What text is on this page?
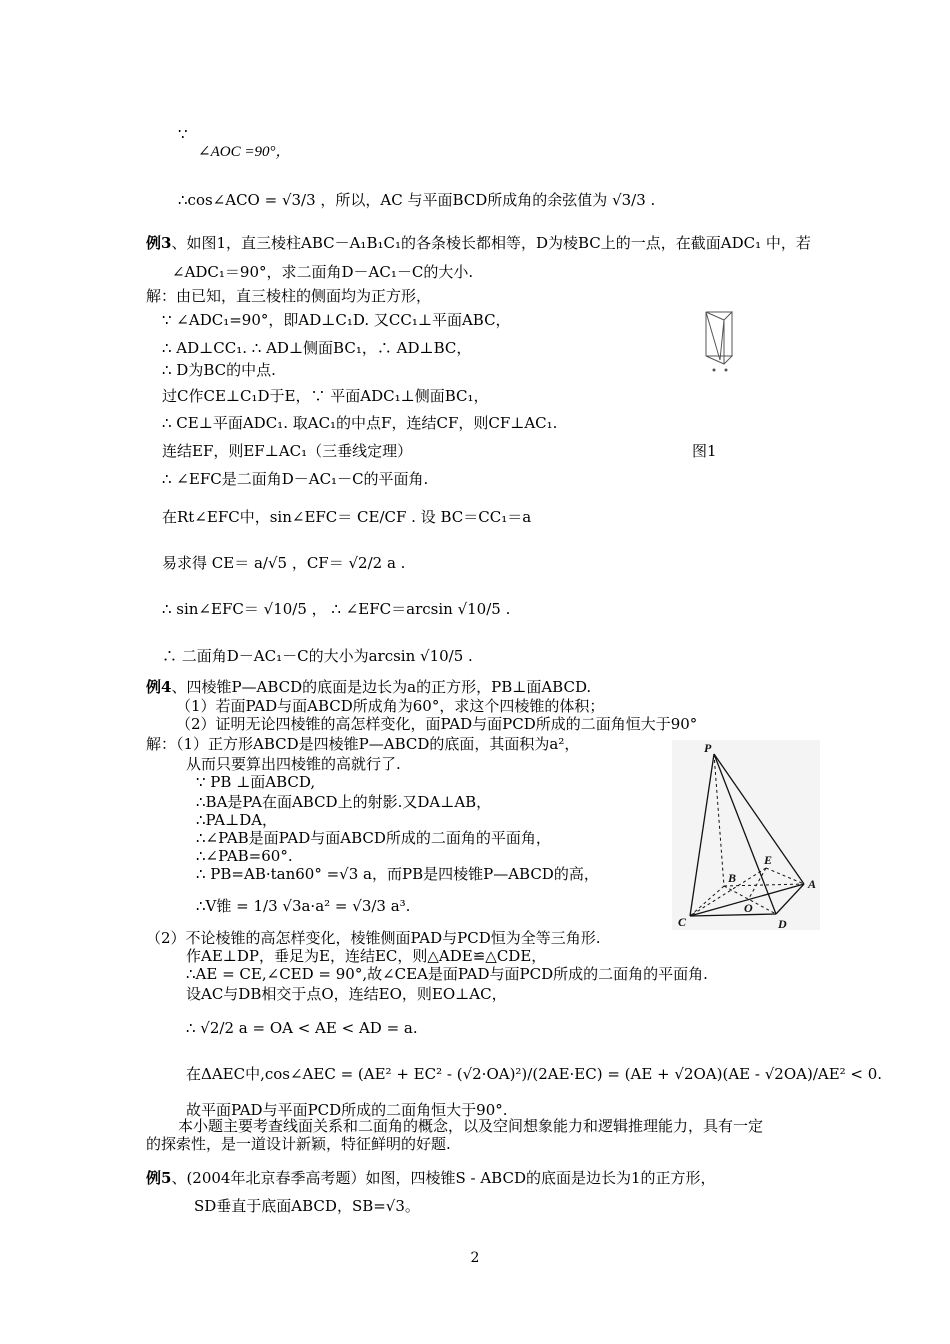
∵
∠AOC =90°，
∴cos∠ACO = √3/3 ，所以，AC 与平面BCD所成角的余弦值为 √3/3 .
例3、如图1，直三棱柱ABC－A₁B₁C₁的各条棱长都相等，D为棱BC上的一点，在截面ADC₁ 中，若
∠ADC₁＝90°，求二面角D－AC₁－C的大小.
解：由已知，直三棱柱的侧面均为正方形，
∵ ∠ADC₁=90°，即AD⊥C₁D. 又CC₁⊥平面ABC，
∴ AD⊥CC₁. ∴ AD⊥侧面BC₁，∴ AD⊥BC，
∴ D为BC的中点.
过C作CE⊥C₁D于E，∵ 平面ADC₁⊥侧面BC₁，
∴ CE⊥平面ADC₁. 取AC₁的中点F，连结CF，则CF⊥AC₁.
连结EF，则EF⊥AC₁（三垂线定理）	图1
∴ ∠EFC是二面角D－AC₁－C的平面角.
在Rt∠EFC中，sin∠EFC＝ CE/CF . 设 BC＝CC₁＝a
易求得 CE＝ a/√5 ，CF＝ √2/2 a .
∴ sin∠EFC＝ √10/5 ， ∴ ∠EFC＝arcsin √10/5 .
∴ 二面角D－AC₁－C的大小为arcsin √10/5 .
例4、四棱锥P—ABCD的底面是边长为a的正方形，PB⊥面ABCD.
（1）若面PAD与面ABCD所成角为60°，求这个四棱锥的体积；
（2）证明无论四棱锥的高怎样变化，面PAD与面PCD所成的二面角恒大于90°
解：（1）正方形ABCD是四棱锥P—ABCD的底面，其面积为a²，
从而只要算出四棱锥的高就行了.
∵ PB ⊥面ABCD,
∴BA是PA在面ABCD上的射影.又DA⊥AB，
∴PA⊥DA，
∴∠PAB是面PAD与面ABCD所成的二面角的平面角，
∴∠PAB=60°.
∴ PB=AB·tan60° =√3 a，而PB是四棱锥P—ABCD的高，
∴V锥 = 1/3 √3a·a² = √3/3 a³.
（2）不论棱锥的高怎样变化，棱锥侧面PAD与PCD恒为全等三角形.
作AE⊥DP，垂足为E，连结EC，则△ADE≌△CDE，
∴AE = CE,∠CED = 90°,故∠CEA是面PAD与面PCD所成的二面角的平面角.
设AC与DB相交于点O，连结EO，则EO⊥AC，
∴ √2/2 a = OA < AE < AD = a.
在ΔAEC中,cos∠AEC = (AE² + EC² - (√2·OA)²)/(2AE·EC) = (AE + √2OA)(AE - √2OA)/AE² < 0.
故平面PAD与平面PCD所成的二面角恒大于90°.
本小题主要考查线面关系和二面角的概念，以及空间想象能力和逻辑推理能力，具有一定
的探索性，是一道设计新颖，特征鲜明的好题.
例5、(2004年北京春季高考题）如图，四棱锥S - ABCD的底面是边长为1的正方形，
SD垂直于底面ABCD，SB=√3。
P
A
B
C	D
E
O
2
